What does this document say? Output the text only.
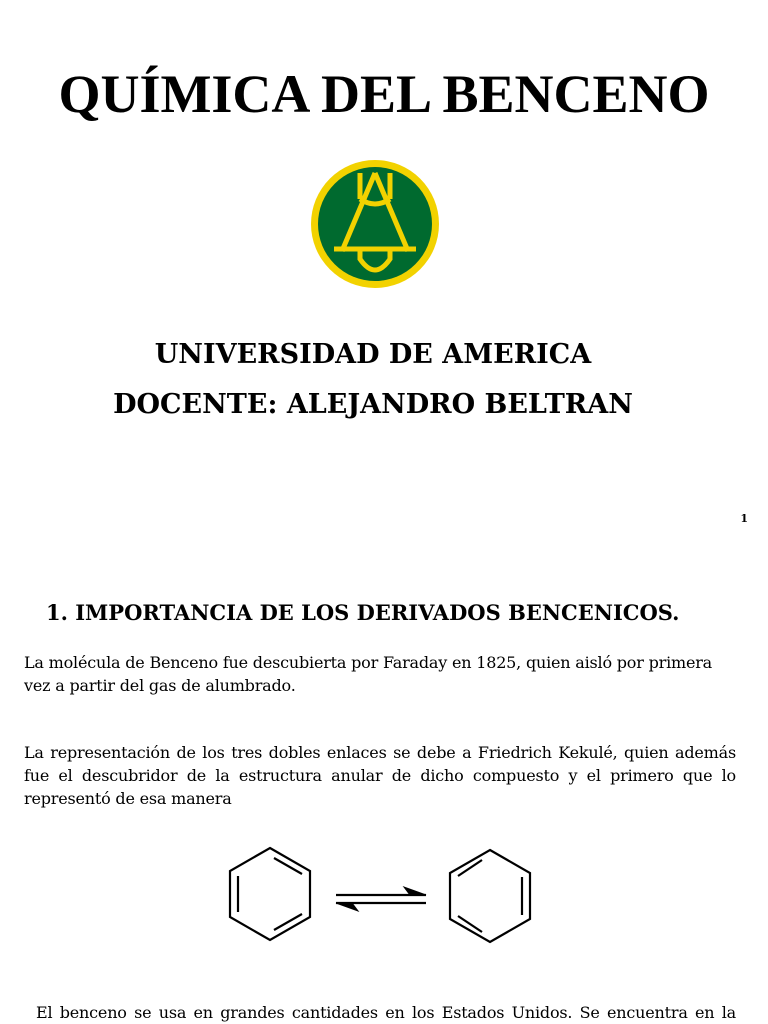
QUÍMICA DEL BENCENO
UNIVERSIDAD DE AMERICA
DOCENTE: ALEJANDRO BELTRAN
1
1. IMPORTANCIA DE LOS DERIVADOS BENCENICOS.

La molécula de Benceno fue descubierta por Faraday en 1825, quien aisló por primera vez a partir del gas de alumbrado.

La representación de los tres dobles enlaces se debe a Friedrich Kekulé, quien además fue el descubridor de la estructura anular de dicho compuesto y el primero que lo representó de esa manera

El benceno se usa en grandes cantidades en los Estados Unidos. Se encuentra en la
